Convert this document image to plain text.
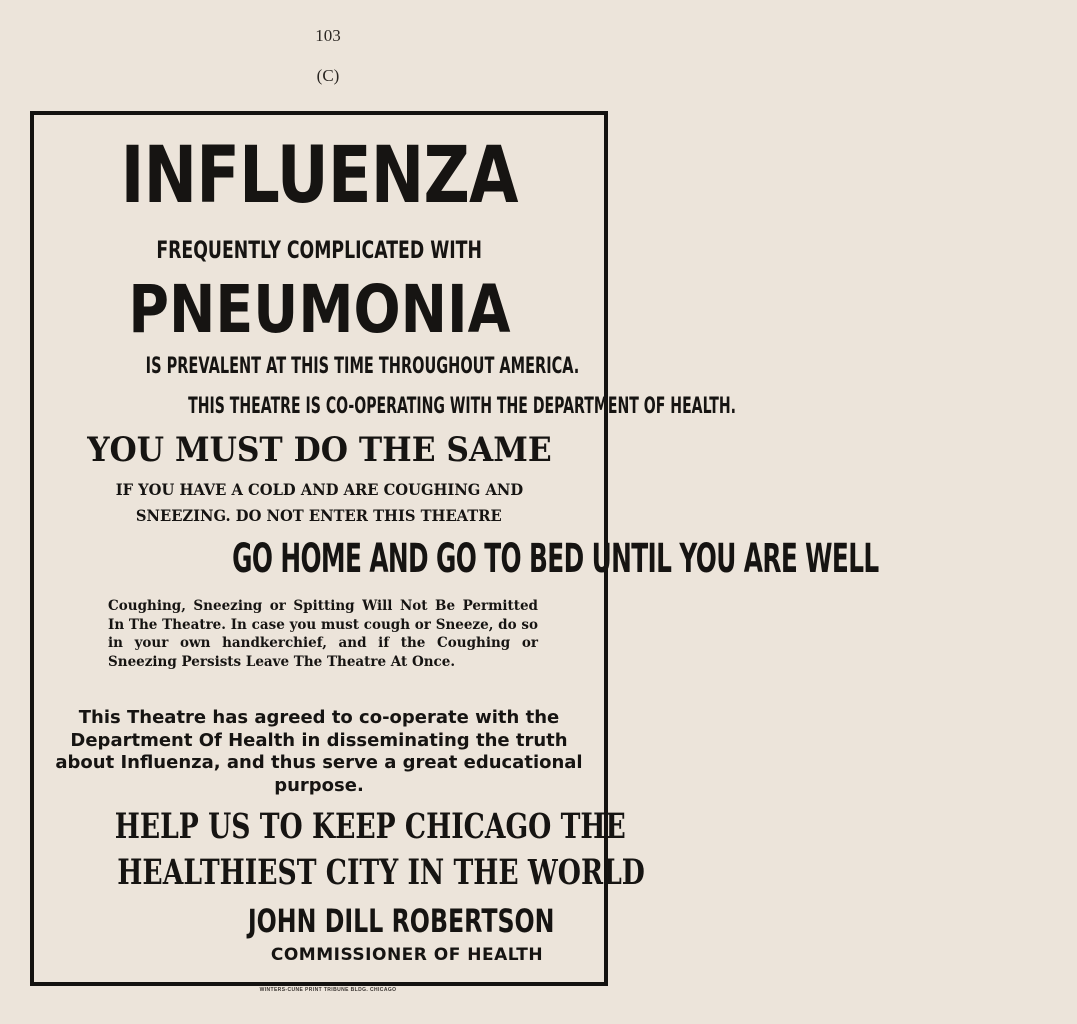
103
(C)
INFLUENZA
FREQUENTLY COMPLICATED WITH
PNEUMONIA
IS PREVALENT AT THIS TIME THROUGHOUT AMERICA.
THIS THEATRE IS CO-OPERATING WITH THE DEPARTMENT OF HEALTH.
YOU MUST DO THE SAME
IF YOU HAVE A COLD AND ARE COUGHING AND
SNEEZING. DO NOT ENTER THIS THEATRE
GO HOME AND GO TO BED UNTIL YOU ARE WELL
Coughing, Sneezing or Spitting Will Not Be Permitted In The Theatre. In case you must cough or Sneeze, do so in your own handkerchief, and if the Coughing or Sneezing Persists Leave The Theatre At Once.
This Theatre has agreed to co-operate with the Department Of Health in disseminating the truth about Influenza, and thus serve a great educational purpose.
HELP US TO KEEP CHICAGO THE
HEALTHIEST CITY IN THE WORLD
JOHN DILL ROBERTSON
COMMISSIONER OF HEALTH
WINTERS-CUNE PRINT TRIBUNE BLDG. CHICAGO
